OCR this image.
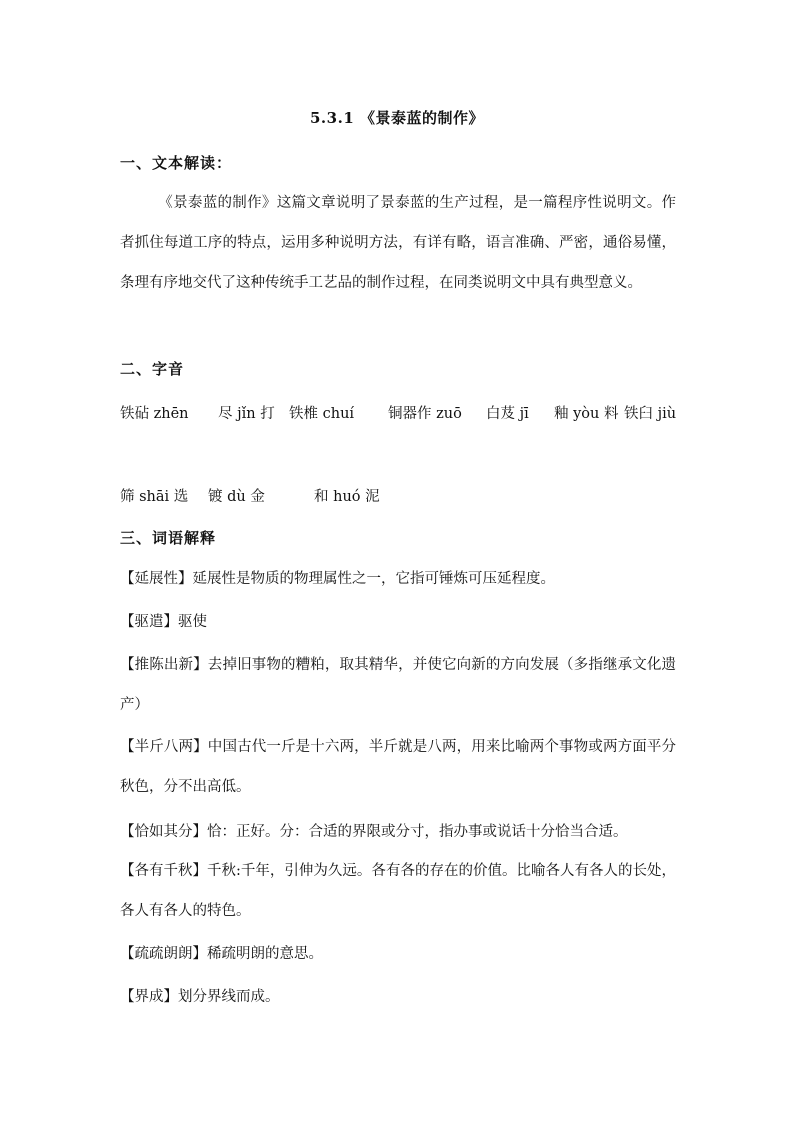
5.3.1 《景泰蓝的制作》
一、文本解读：
《景泰蓝的制作》这篇文章说明了景泰蓝的生产过程，是一篇程序性说明文。作者抓住每道工序的特点，运用多种说明方法，有详有略，语言准确、严密，通俗易懂，条理有序地交代了这种传统手工艺品的制作过程，在同类说明文中具有典型意义。
二、字音
铁砧 zhēn 尽 jǐn 打 铁椎 chuí 铜器作 zuō 白芨 jī 釉 yòu 料 铁臼 jiù
筛 shāi 选 镀 dù 金	和 huó 泥
三、词语解释
【延展性】延展性是物质的物理属性之一，它指可锤炼可压延程度。
【驱遣】驱使
【推陈出新】去掉旧事物的糟粕，取其精华，并使它向新的方向发展（多指继承文化遗产）
【半斤八两】中国古代一斤是十六两，半斤就是八两，用来比喻两个事物或两方面平分秋色，分不出高低。
【恰如其分】恰：正好。分：合适的界限或分寸，指办事或说话十分恰当合适。
【各有千秋】千秋:千年，引伸为久远。各有各的存在的价值。比喻各人有各人的长处，各人有各人的特色。
【疏疏朗朗】稀疏明朗的意思。
【界成】划分界线而成。
